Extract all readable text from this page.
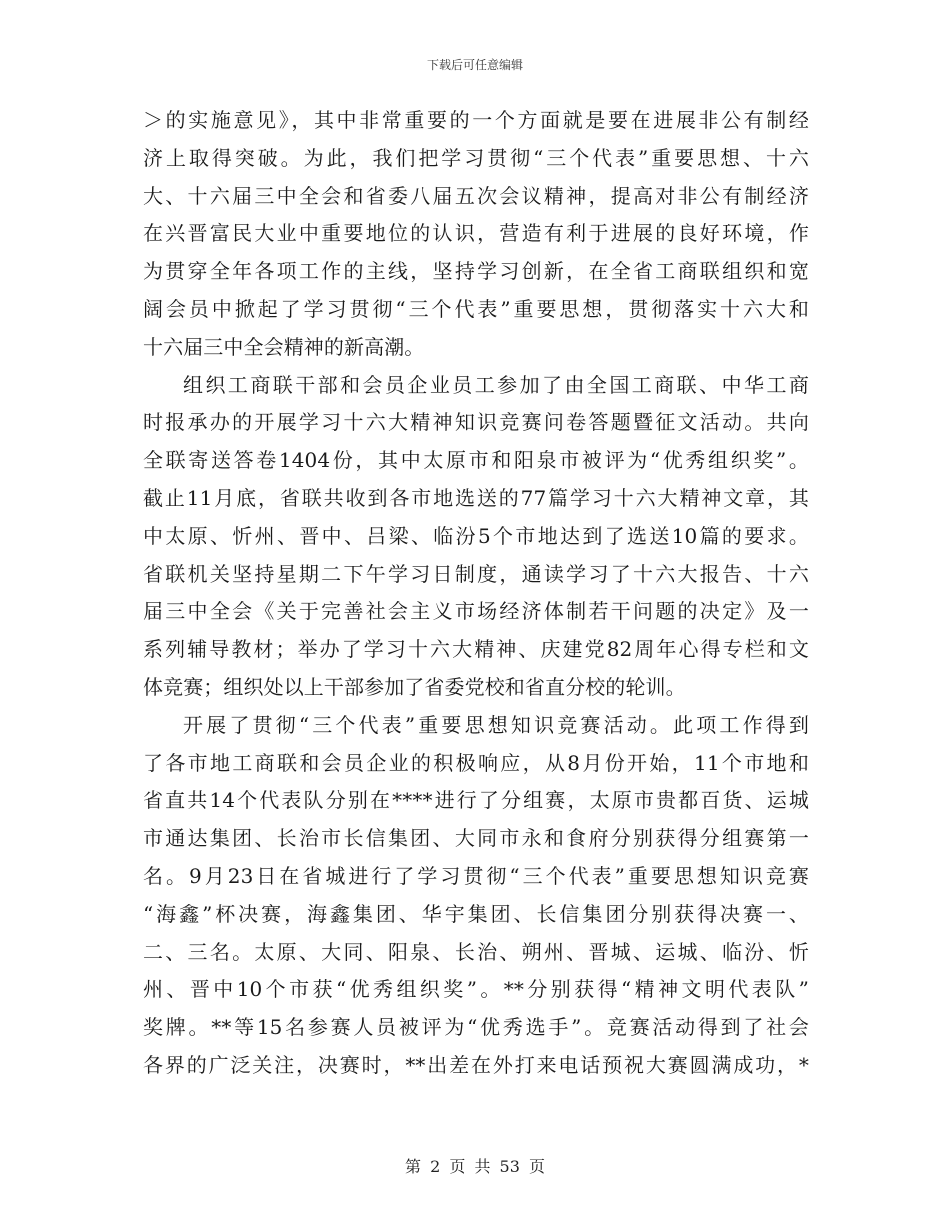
下载后可任意编辑
＞的实施意见》，其中非常重要的一个方面就是要在进展非公有制经
济上取得突破。为此，我们把学习贯彻“三个代表”重要思想、十六
大、十六届三中全会和省委八届五次会议精神，提高对非公有制经济
在兴晋富民大业中重要地位的认识，营造有利于进展的良好环境，作
为贯穿全年各项工作的主线，坚持学习创新，在全省工商联组织和宽
阔会员中掀起了学习贯彻“三个代表”重要思想，贯彻落实十六大和
十六届三中全会精神的新高潮。
组织工商联干部和会员企业员工参加了由全国工商联、中华工商
时报承办的开展学习十六大精神知识竞赛问卷答题暨征文活动。共向
全联寄送答卷1404份，其中太原市和阳泉市被评为“优秀组织奖”。
截止11月底，省联共收到各市地选送的77篇学习十六大精神文章，其
中太原、忻州、晋中、吕梁、临汾5个市地达到了选送10篇的要求。
省联机关坚持星期二下午学习日制度，通读学习了十六大报告、十六
届三中全会《关于完善社会主义市场经济体制若干问题的决定》及一
系列辅导教材；举办了学习十六大精神、庆建党82周年心得专栏和文
体竞赛；组织处以上干部参加了省委党校和省直分校的轮训。
开展了贯彻“三个代表”重要思想知识竞赛活动。此项工作得到
了各市地工商联和会员企业的积极响应，从8月份开始，11个市地和
省直共14个代表队分别在****进行了分组赛，太原市贵都百货、运城
市通达集团、长治市长信集团、大同市永和食府分别获得分组赛第一
名。9月23日在省城进行了学习贯彻“三个代表”重要思想知识竞赛
“海鑫”杯决赛，海鑫集团、华宇集团、长信集团分别获得决赛一、
二、三名。太原、大同、阳泉、长治、朔州、晋城、运城、临汾、忻
州、晋中10个市获“优秀组织奖”。**分别获得“精神文明代表队”
奖牌。**等15名参赛人员被评为“优秀选手”。竞赛活动得到了社会
各界的广泛关注，决赛时，**出差在外打来电话预祝大赛圆满成功，*
第 2 页 共 53 页
